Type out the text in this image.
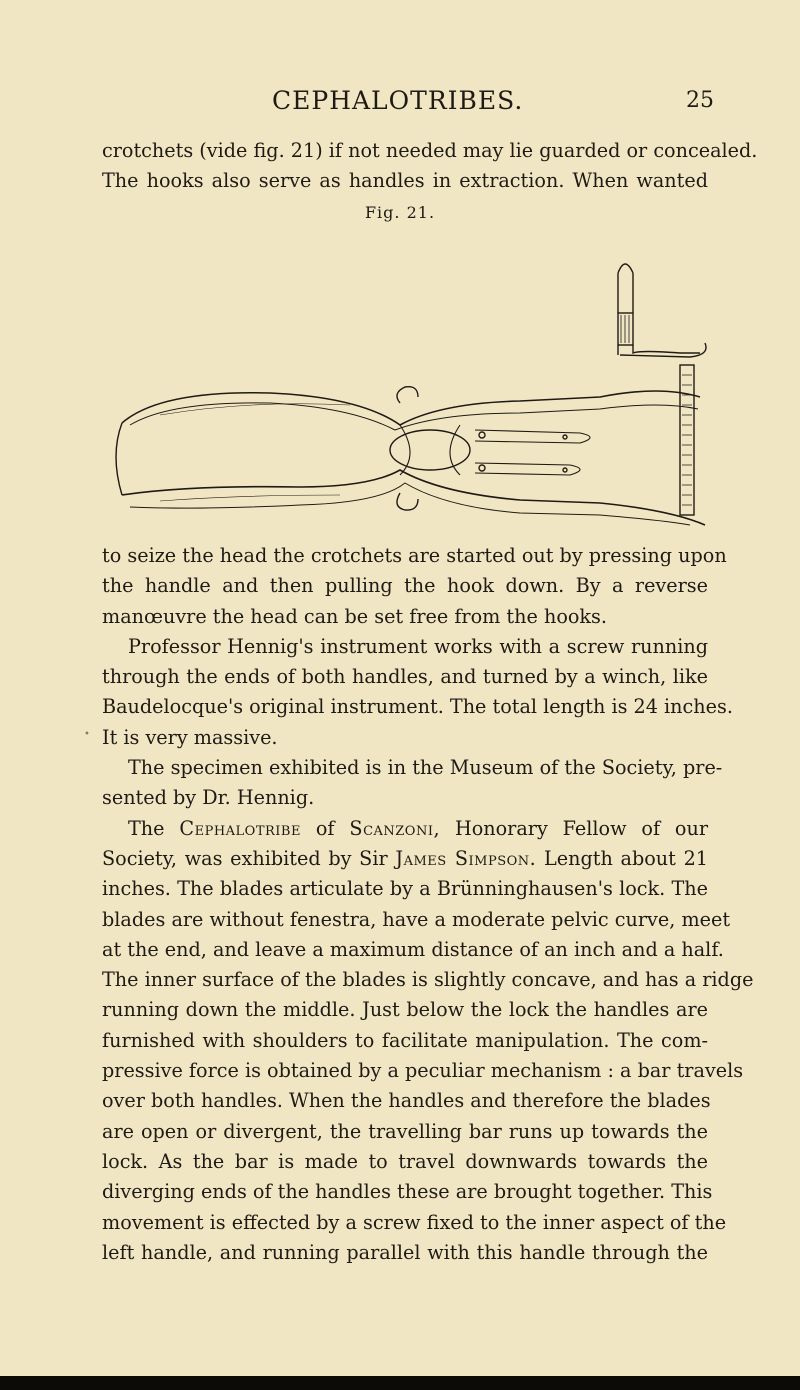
CEPHALOTRIBES.	25
crotchets (vide fig. 21) if not needed may lie guarded or concealed.
The hooks also serve as handles in extraction. When wanted
Fig. 21.
to seize the head the crotchets are started out by pressing upon
the handle and then pulling the hook down. By a reverse
manœuvre the head can be set free from the hooks.
Professor Hennig's instrument works with a screw running
through the ends of both handles, and turned by a winch, like
Baudelocque's original instrument. The total length is 24 inches.
It is very massive.
The specimen exhibited is in the Museum of the Society, pre-
sented by Dr. Hennig.
The Cephalotribe of Scanzoni, Honorary Fellow of our
Society, was exhibited by Sir James Simpson. Length about 21
inches. The blades articulate by a Brünninghausen's lock. The
blades are without fenestra, have a moderate pelvic curve, meet
at the end, and leave a maximum distance of an inch and a half.
The inner surface of the blades is slightly concave, and has a ridge
running down the middle. Just below the lock the handles are
furnished with shoulders to facilitate manipulation. The com-
pressive force is obtained by a peculiar mechanism : a bar travels
over both handles. When the handles and therefore the blades
are open or divergent, the travelling bar runs up towards the
lock. As the bar is made to travel downwards towards the
diverging ends of the handles these are brought together. This
movement is effected by a screw fixed to the inner aspect of the
left handle, and running parallel with this handle through the
•
